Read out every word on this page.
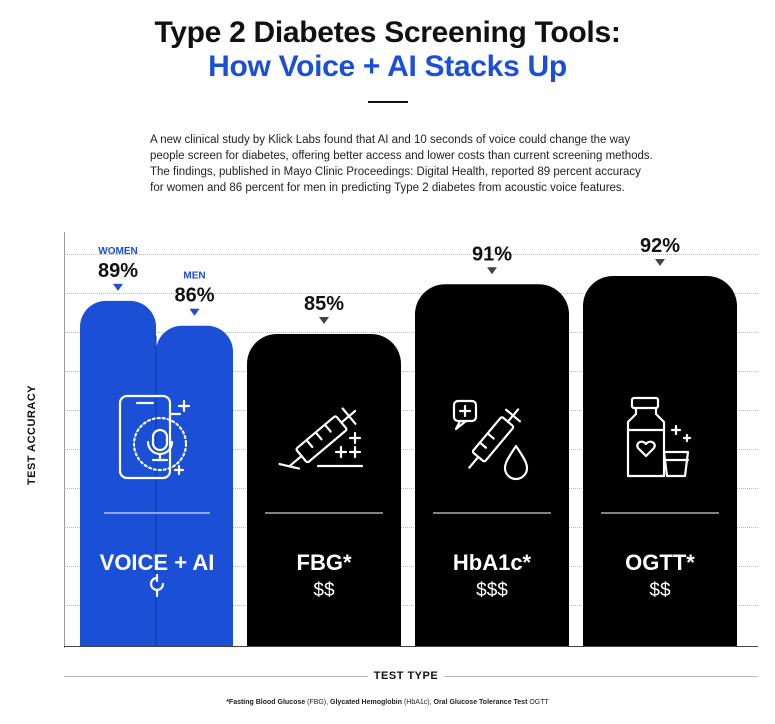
Type 2 Diabetes Screening Tools:
How Voice + AI Stacks Up

A new clinical study by Klick Labs found that AI and 10 seconds of voice could change the way
people screen for diabetes, offering better access and lower costs than current screening methods.
The findings, published in Mayo Clinic Proceedings: Digital Health, reported 89 percent accuracy
for women and 86 percent for men in predicting Type 2 diabetes from acoustic voice features.

89%
WOMEN
86%
MEN
85%
91%	92%
VOICE + AI	FBG*
$$
HbA1c*
$$$
OGTT*
$$
TEST ACCURACY
TEST TYPE
*Fasting Blood Glucose (FBG), Glycated Hemoglobin (HbA1c), Oral Glucose Tolerance Test OGTT
